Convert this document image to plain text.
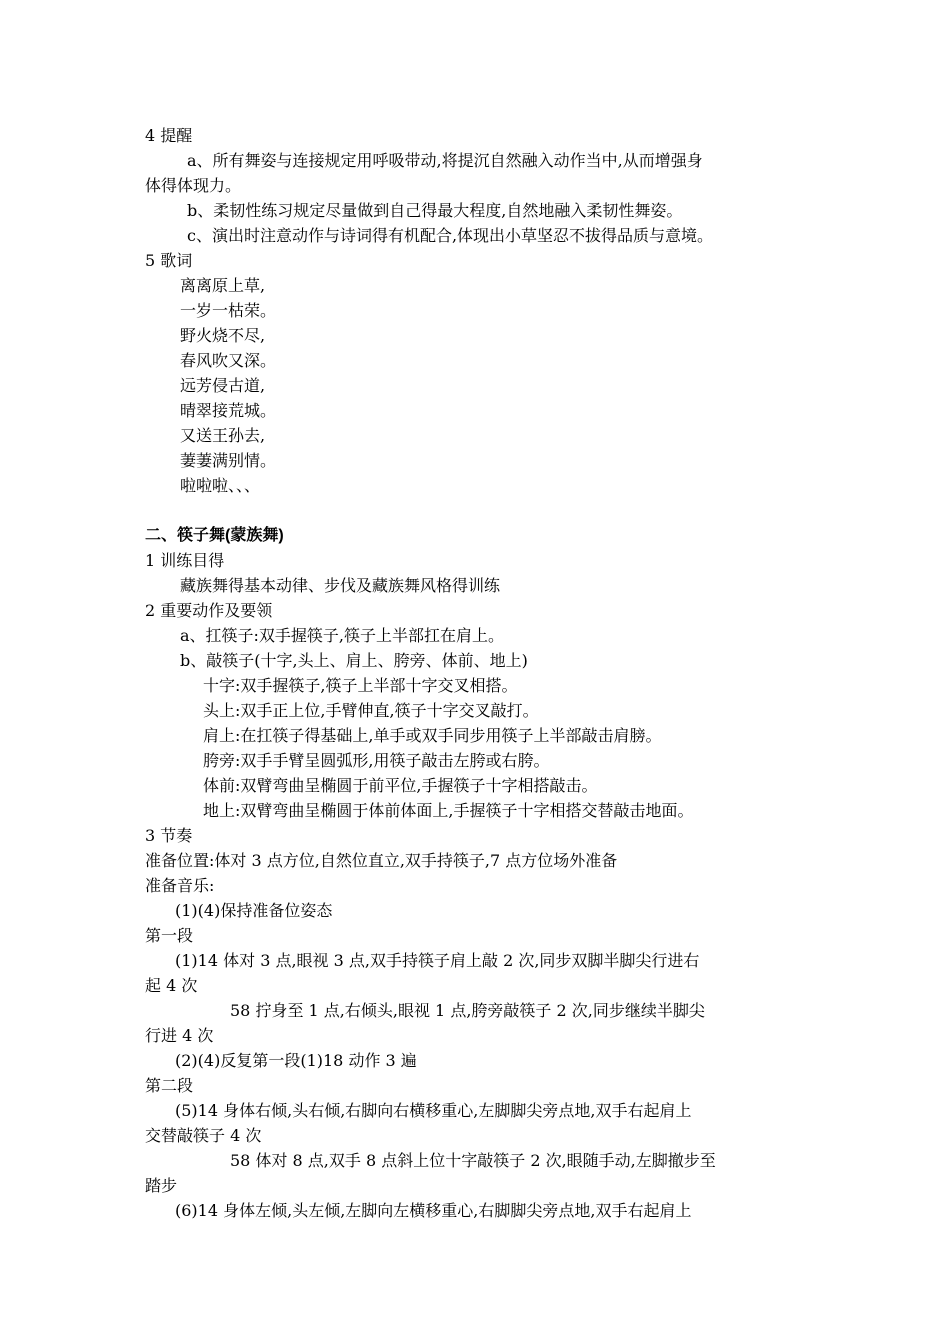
4 提醒
a、所有舞姿与连接规定用呼吸带动,将提沉自然融入动作当中,从而增强身
体得体现力。
b、柔韧性练习规定尽量做到自己得最大程度,自然地融入柔韧性舞姿。
c、演出时注意动作与诗词得有机配合,体现出小草坚忍不拔得品质与意境。
5 歌词
离离原上草,
一岁一枯荣。
野火烧不尽,
春风吹又深。
远芳侵古道,
晴翠接荒城。
又送王孙去,
萋萋满别情。
啦啦啦、、、
二、筷子舞(蒙族舞)
1 训练目得
藏族舞得基本动律、步伐及藏族舞风格得训练
2 重要动作及要领
a、扛筷子:双手握筷子,筷子上半部扛在肩上。
b、敲筷子(十字,头上、肩上、胯旁、体前、地上)
十字:双手握筷子,筷子上半部十字交叉相搭。
头上:双手正上位,手臂伸直,筷子十字交叉敲打。
肩上:在扛筷子得基础上,单手或双手同步用筷子上半部敲击肩膀。
胯旁:双手手臂呈圆弧形,用筷子敲击左胯或右胯。
体前:双臂弯曲呈椭圆于前平位,手握筷子十字相搭敲击。
地上:双臂弯曲呈椭圆于体前体面上,手握筷子十字相搭交替敲击地面。
3 节奏
准备位置:体对 3 点方位,自然位直立,双手持筷子,7 点方位场外准备
准备音乐:
(1)(4)保持准备位姿态
第一段
(1)14 体对 3 点,眼视 3 点,双手持筷子肩上敲 2 次,同步双脚半脚尖行进右
起 4 次
58 拧身至 1 点,右倾头,眼视 1 点,胯旁敲筷子 2 次,同步继续半脚尖
行进 4 次
(2)(4)反复第一段(1)18 动作 3 遍
第二段
(5)14 身体右倾,头右倾,右脚向右横移重心,左脚脚尖旁点地,双手右起肩上
交替敲筷子 4 次
58 体对 8 点,双手 8 点斜上位十字敲筷子 2 次,眼随手动,左脚撤步至
踏步
(6)14 身体左倾,头左倾,左脚向左横移重心,右脚脚尖旁点地,双手右起肩上
